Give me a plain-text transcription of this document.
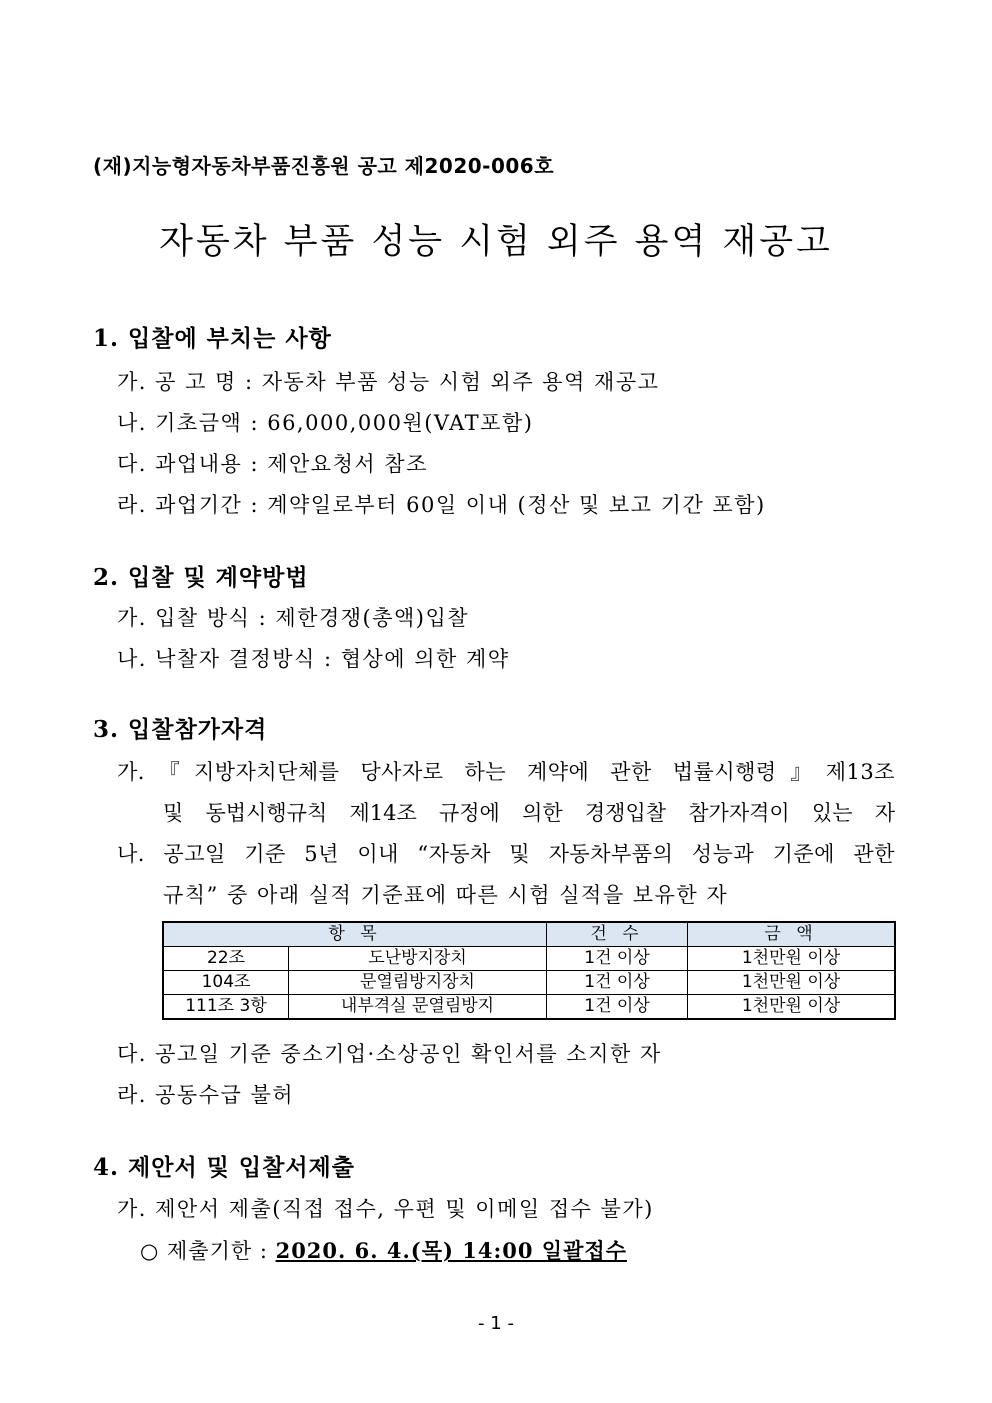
(재)지능형자동차부품진흥원 공고 제2020-006호
자동차 부품 성능 시험 외주 용역 재공고
1. 입찰에 부치는 사항
가. 공 고 명 : 자동차 부품 성능 시험 외주 용역 재공고
나. 기초금액 : 66,000,000원(VAT포함)
다. 과업내용 : 제안요청서 참조
라. 과업기간 : 계약일로부터 60일 이내 (정산 및 보고 기간 포함)
2. 입찰 및 계약방법
가. 입찰 방식 : 제한경쟁(총액)입찰
나. 낙찰자 결정방식 : 협상에 의한 계약
3. 입찰참가자격
가.『지방자치단체를 당사자로 하는 계약에 관한 법률시행령』제13조
및 동법시행규칙 제14조 규정에 의한 경쟁입찰 참가자격이 있는 자
나. 공고일 기준 5년 이내 “자동차 및 자동차부품의 성능과 기준에 관한
규칙” 중 아래 실적 기준표에 따른 시험 실적을 보유한 자
항 목		건 수	금 액
22조	도난방지장치	1건 이상	1천만원 이상
104조	문열림방지장치	1건 이상	1천만원 이상
111조 3항	내부격실 문열림방지	1건 이상	1천만원 이상
다. 공고일 기준 중소기업·소상공인 확인서를 소지한 자
라. 공동수급 불허
4. 제안서 및 입찰서제출
가. 제안서 제출(직접 접수, 우편 및 이메일 접수 불가)
○ 제출기한 : 2020. 6. 4.(목) 14:00 일괄접수
- 1 -
